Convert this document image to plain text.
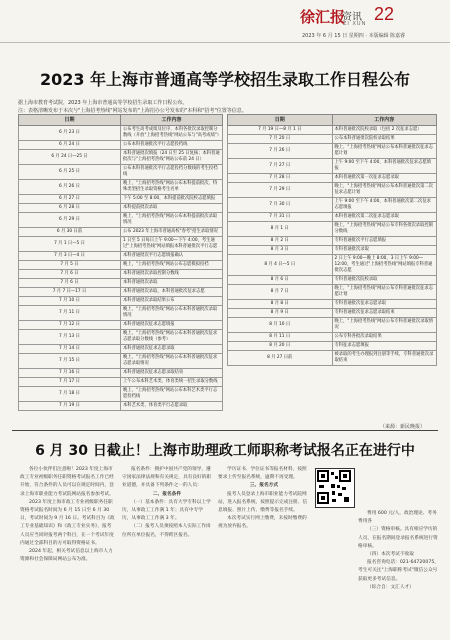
徐汇报
资讯
ZI XUN 22
2023 年 6 月 15 日 星期四 · 本版编辑 陈嘉睿
2023 年上海市普通高等学校招生录取工作日程公布
据上海市教育考试院，2023 年上海市普通高等学校招生录取工作日程公布。
注：表格清晰发布于本次与"上海招考热线"网站发布的"上海招办公号发布的"本科和"招考"位置等信息。
日期	工作内容
6 月 23 日	公布考生高考成绩及位序、本科各批次录取控制分数线（开放"上海招考热线"网站公布与"高考成绩"）
6 月 24 日	公布本科普通批次平行志愿投档线
6 月 24 日—25 日	本科普通批次填报（24 日至 25 日复核；本科普通批次与"上海招考热线"网站公布前 24 日）
6 月 25 日	公布本科普通批次平行志愿投档分数线的考生投档线
6 月 26 日	晚上，"上海招考热线"网站公布本科提前批次、特殊类型招生录取资格考生名单
6 月 27 日	下午 5:00 至 8:00，本科提前批次院校志愿填报
6 月 28 日	本科提前批次录取
6 月 29 日	晚上，"上海招考热线"网站公布本科提前批次录取情况
6 月 30 日前	公布 2023 年上海市普通高校"春考"招生录取情况
7 月 1 日—5 日	1 日至 5 日每日上午 9:00—下午 4:00，考生通过"上海招考热线"网站填报本科普通批次平行志愿
7 月 3 日—4 日	本科普通批次平行志愿填报确认
7 月 5 日	晚上，"上海招考热线"网站公布志愿模拟投档
7 月 6 日	本科普通批次录取控制分数线
7 月 6 日	本科普通批次录取
7 月 7 日—17 日	本科普通批次录取，本科普通批次征求志愿
7 月 10 日	本科普通批次录取结果公布
7 月 11 日	晚上，"上海招考热线"网站公布本科普通批次录取情况
7 月 12 日	本科普通批次征求志愿填报
7 月 13 日	晚上，"上海招考热线"网站公布本科普通批次征求志愿录取分数线（参考）
7 月 14 日	本科普通批次征求志愿录取
7 月 15 日	晚上，"上海招考热线"网站公布本科普通批次征求志愿录取情况
7 月 16 日	本科普通批次征求志愿录取结束
7 月 17 日	上午公布本科艺术类、体育类统一招生录取分数线
7 月 18 日	晚上，"上海招考热线"网站公布本科艺术类平行志愿投档线
7 月 19 日	本科艺术类、体育类平行志愿录取
日期	工作内容
7 月 19 日—8 月 1 日	本科普通批次院校录取（包括 2 次征求志愿）
7 月 20 日	公布本科普通批次院校录取结果
7 月 26 日	晚上，"上海招考热线"网站公布本科普通批次征求志愿计划
7 月 27 日	上午 9:00 至下午 4:00，本科普通批次征求志愿填报
7 月 28 日	本科普通批次第一次征求志愿录取
7 月 29 日	晚上，"上海招考热线"网站公布本科普通批次第二次征求志愿计划
7 月 30 日	上午 9:00 至下午 4:00，本科普通批次第二次征求志愿填报
7 月 31 日	本科普通批次第二次征求志愿录取
8 月 1 日	晚上，"上海招考热线"网站公布专科各批次录取控制分数线
8 月 2 日	专科普通批次平行志愿填报
8 月 3 日	专科普通批次录取
8 月 4 日—5 日	2 日上午 9:00—晚上 8:00，3 日上午 9:00—12:00，考生通过"上海招考热线"网站填报专科普通批次志愿
8 月 6 日	专科普通批次院校录取
8 月 7 日	晚上，"上海招考热线"网站公布专科普通批次征求志愿计划
8 月 8 日	专科普通批次征求志愿录取
8 月 9 日	专科普通批次征求志愿录取结束
8 月 10 日	晚上，"上海招考热线"网站公布专科普通批次录取情况
8 月 11 日	公布专科各批次录取结果
8 月 20 日	专科征求志愿填报
8 月 27 日前	被录取的考生办理报到注册等手续，专科普通批次录取结束
（来源：新民晚报）
6 月 30 日截止！上海市助理政工师职称考试报名正在进行中

各位小伙伴们注意啦！2023 年度上海市政工专业初级职务任职资格考试报名工作已经开始，符合条件的人员可以在规定时间内，登录上海市职业能力考试院网站报名参加考试。

2023 年度上海市政工专业初级职务任职资格考试报名时间为 6 月 15 日至 6 月 30 日，考试时间为 9 月 16 日。考试科目为《政工专业基础知识》和《政工专业实务》，报考人员应当同时报考两个科目，在一个考试年度内通过全部科目的方可取得资格证书。

2024 年起，相关考试信息以上海市人力资源和社会保障局网站公布为准。

报名条件：拥护中国共产党的领导，遵守国家法律法规和有关规定，具有良好的职业道德，并具备下列条件之一的人员：

二、报名条件

（一）基本条件：具有大学专科以上学历，从事政工工作满 1 年；具有中专学历，从事政工工作满 3 年。

（二）报考人员须按照本人实际工作岗位所在单位报名，不得跨区报名。

学历证书、学位证书等报名材料，按照要求上传至报名系统，逾期不再受理。

三、报名方式

报考人员登录上海市职业能力考试院网站，进入报名系统，按照提示完成注册、信息填报、照片上传、缴费等报名手续。

本次考试实行网上缴费，未按时缴费的视为放弃报名。

费用 600 元/人，政治理论、考务费用各

（三）资格审核。具有相应学历的人员，在报名期间登录报名系统进行资格审核。

（四）本次考试不收取

报名咨询电话：021-64720075，考生可关注"上海职称考试"微信公众号获取更多考试信息。

（综合自：文汇人才）
